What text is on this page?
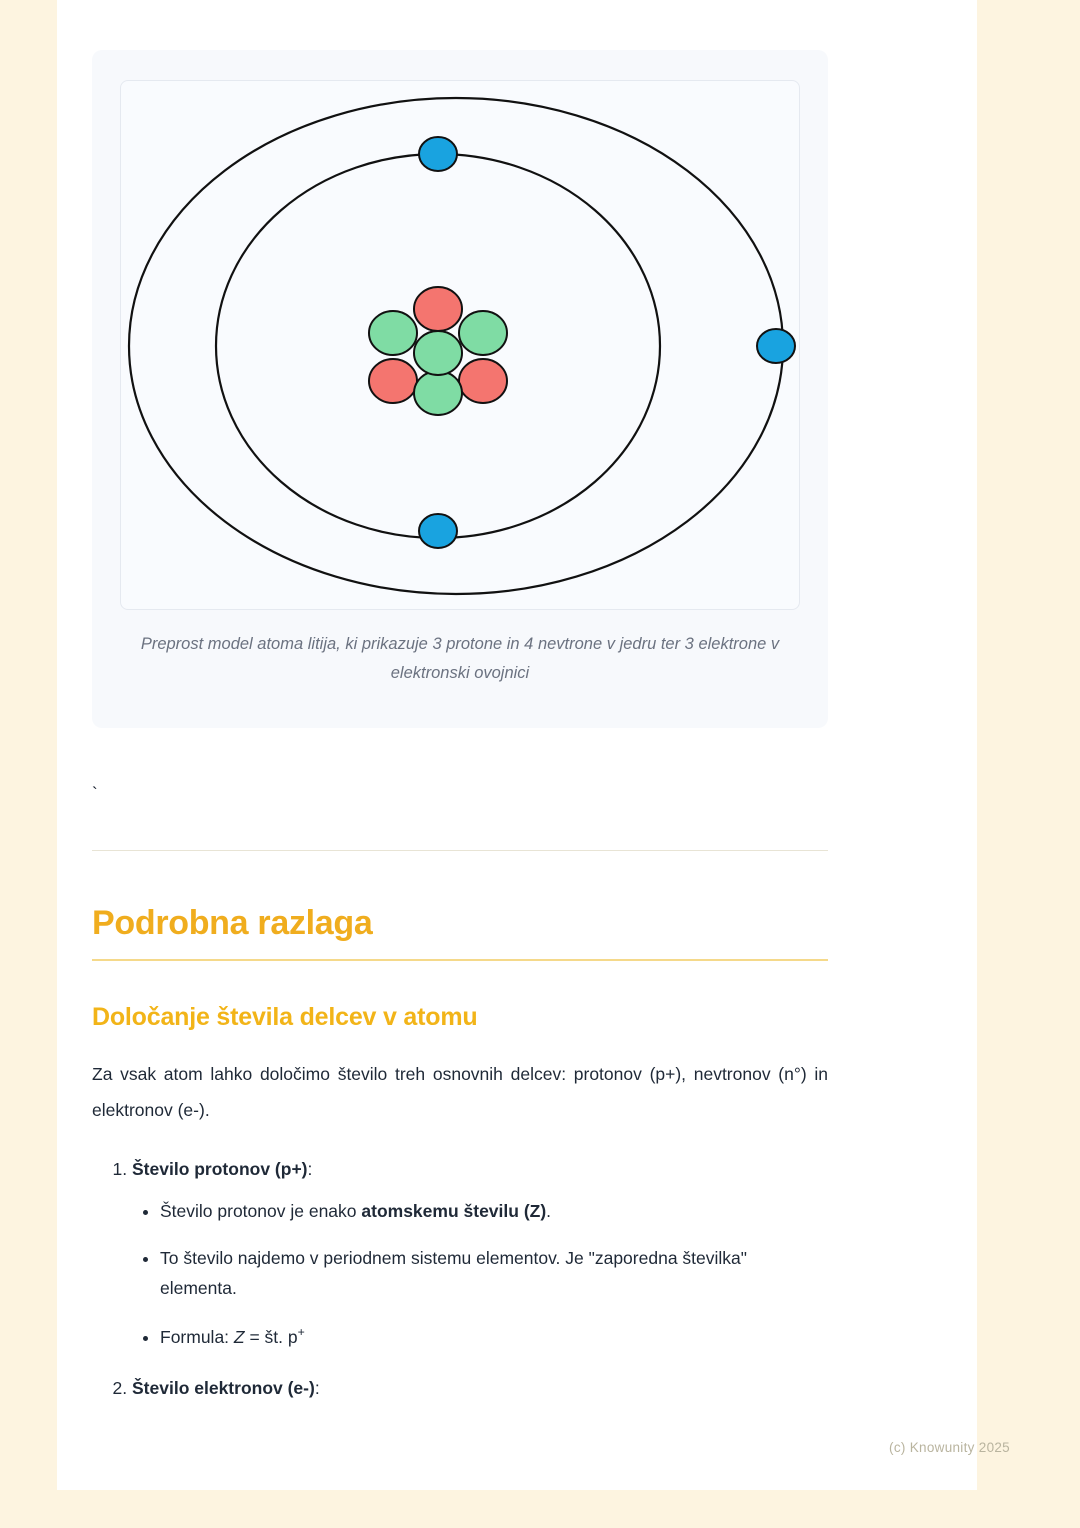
Preprost model atoma litija, ki prikazuje 3 protone in 4 nevtrone v jedru ter 3 elektrone v elektronski ovojnici
`
Podrobna razlaga
Določanje števila delcev v atomu

Za vsak atom lahko določimo število treh osnovnih delcev: protonov (p+), nevtronov (n°) in elektronov (e-).

1. Število protonov (p+):
• Število protonov je enako atomskemu številu (Z).
• To število najdemo v periodnem sistemu elementov. Je "zaporedna številka" elementa.
• Formula: Z = št. p+
2. Število elektronov (e-):
(c) Knowunity 2025
